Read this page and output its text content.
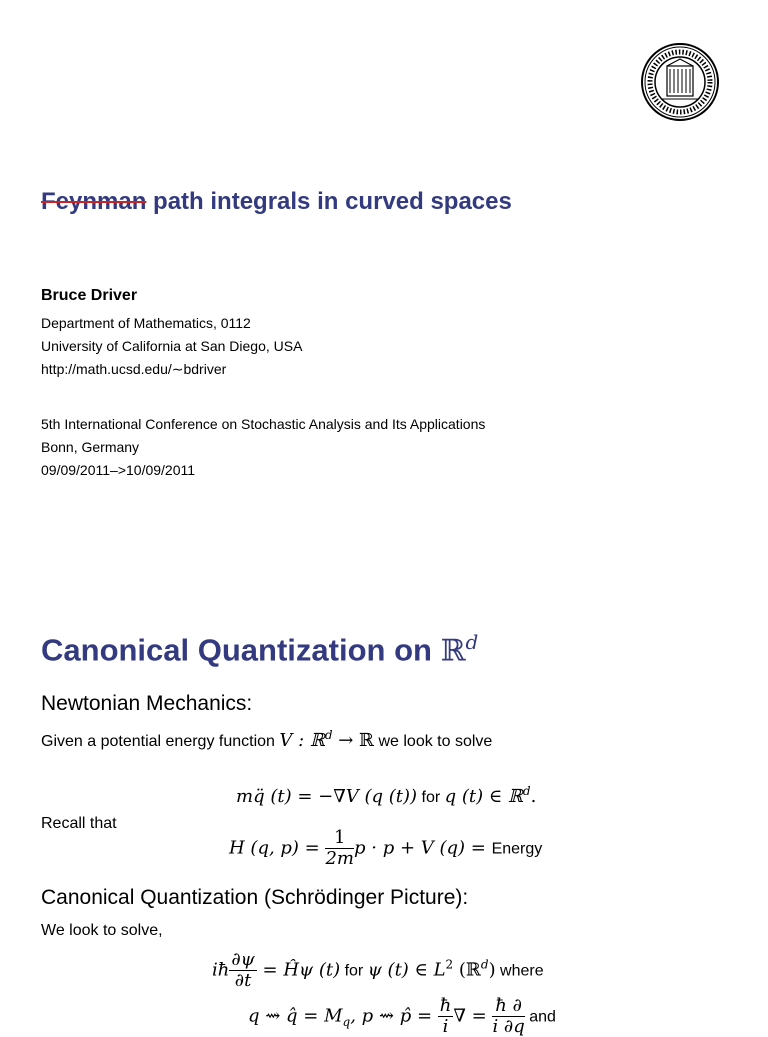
Feynman path integrals in curved spaces
Bruce Driver
Department of Mathematics, 0112
University of California at San Diego, USA
http://math.ucsd.edu/∼bdriver
5th International Conference on Stochastic Analysis and Its Applications
Bonn, Germany
09/09/2011–>10/09/2011
Canonical Quantization on ℝ$^d$
Newtonian Mechanics:
Given a potential energy function V : ℝ$^d$ → ℝ we look to solve
mq̈ (t) = −∇V (q (t)) for q (t) ∈ ℝ$^d$.
Recall that
H (q, $p) = \frac{1}{2m}$ p · p + V (q) = Energy
Canonical Quantization (Schrödinger Picture):
We look to solve,
iħ $\frac{\partial\psi}{\partial t}$ = Ĥψ (t) for ψ (t) ∈ $L^2$ (ℝ$^d$) where
q ⇝ q̂ = $M_q$, p ⇝ p̂ = $\frac{ħ}{i}$ ∇ = $\frac{ħ \partial}{i \partial q}$ and
